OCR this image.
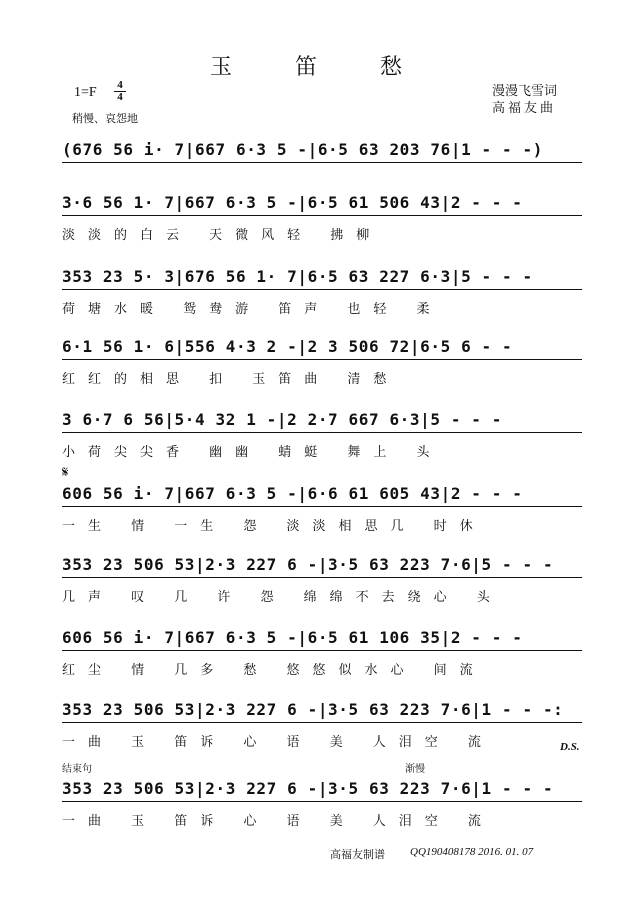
玉 笛 愁
1=F 4
4
稍慢、哀怨地
漫漫飞雪词
高福友曲
(676 56 i· 7|667 6·3 5 -|6·5 63 203 76|1 - - -)
3·6 56 1· 7|667 6·3 5 -|6·5 61 506 43|2 - - -
淡淡的白云 天微风轻 拂柳
353 23 5· 3|676 56 1· 7|6·5 63 227 6·3|5 - - -
荷塘水暖 鸳鸯游 笛声 也轻 柔
6·1 56 1· 6|556 4·3 2 -|2 3 506 72|6·5 6 - -
红红的相思 扣 玉笛曲 清愁
3 6·7 6 56|5·4 32 1 -|2 2·7 667 6·3|5 - - -
小荷尖尖香 幽幽 蜻蜓 舞上 头
𝄋
606 56 i· 7|667 6·3 5 -|6·6 61 605 43|2 - - -
一生 情 一生 怨 淡淡相思几 时休
353 23 506 53|2·3 227 6 -|3·5 63 223 7·6|5 - - -
几声 叹 几 许 怨 绵绵不去绕心 头
606 56 i· 7|667 6·3 5 -|6·5 61 106 35|2 - - -
红尘 情 几多 愁 悠悠似水心 间流
353 23 506 53|2·3 227 6 -|3·5 63 223 7·6|1 - - -:
一曲 玉 笛诉 心 语 美 人泪空 流	D.S.
结束句	渐慢
353 23 506 53|2·3 227 6 -|3·5 63 223 7·6|1 - - -
一曲 玉 笛诉 心 语 美 人泪空 流
高福友制谱 QQ190408178 2016. 01. 07
